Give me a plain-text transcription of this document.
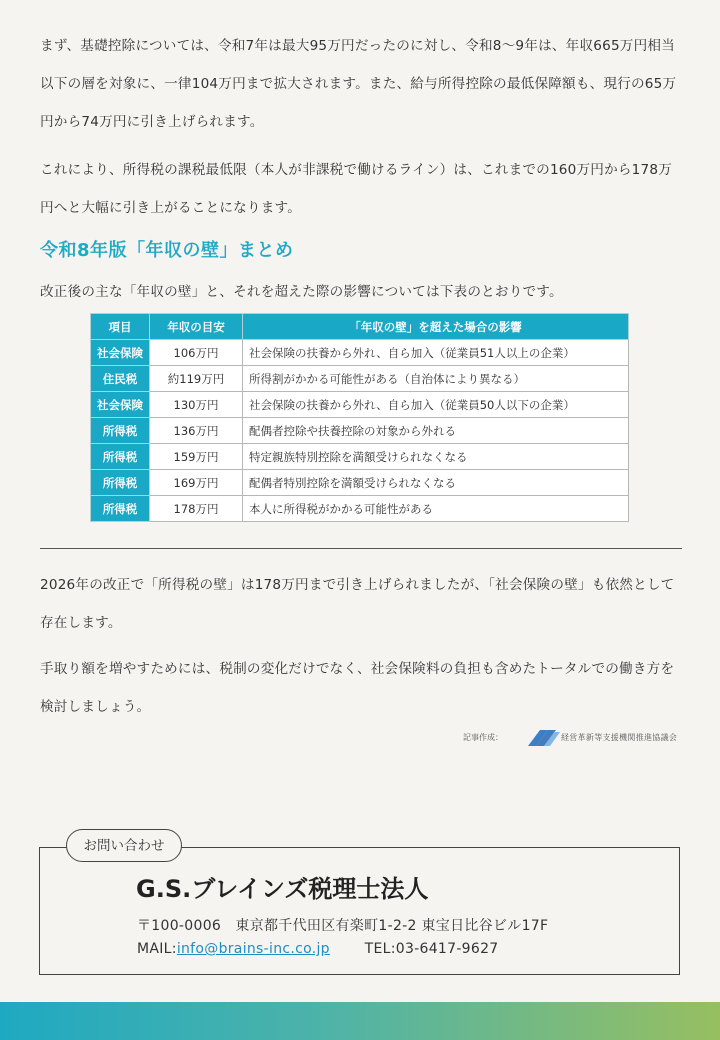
まず、基礎控除については、令和7年は最大95万円だったのに対し、令和8～9年は、年収665万円相当以下の層を対象に、一律104万円まで拡大されます。また、給与所得控除の最低保障額も、現行の65万円から74万円に引き上げられます。

これにより、所得税の課税最低限（本人が非課税で働けるライン）は、これまでの160万円から178万円へと大幅に引き上がることになります。

令和8年版「年収の壁」まとめ

改正後の主な「年収の壁」と、それを超えた際の影響については下表のとおりです。

項目	年収の目安	「年収の壁」を超えた場合の影響
社会保険	106万円	社会保険の扶養から外れ、自ら加入（従業員51人以上の企業）
住民税	約119万円	所得割がかかる可能性がある（自治体により異なる）
社会保険	130万円	社会保険の扶養から外れ、自ら加入（従業員50人以下の企業）
所得税	136万円	配偶者控除や扶養控除の対象から外れる
所得税	159万円	特定親族特別控除を満額受けられなくなる
所得税	169万円	配偶者特別控除を満額受けられなくなる
所得税	178万円	本人に所得税がかかる可能性がある

2026年の改正で「所得税の壁」は178万円まで引き上げられましたが、「社会保険の壁」も依然として存在します。

手取り額を増やすためには、税制の変化だけでなく、社会保険料の負担も含めたトータルでの働き方を検討しましょう。

記事作成：	経営革新等支援機関推進協議会
お問い合わせ
G.S.ブレインズ税理士法人
〒100-0006　東京都千代田区有楽町1-2-2 東宝日比谷ビル17F
MAIL:info@brains-inc.co.jp TEL:03-6417-9627
